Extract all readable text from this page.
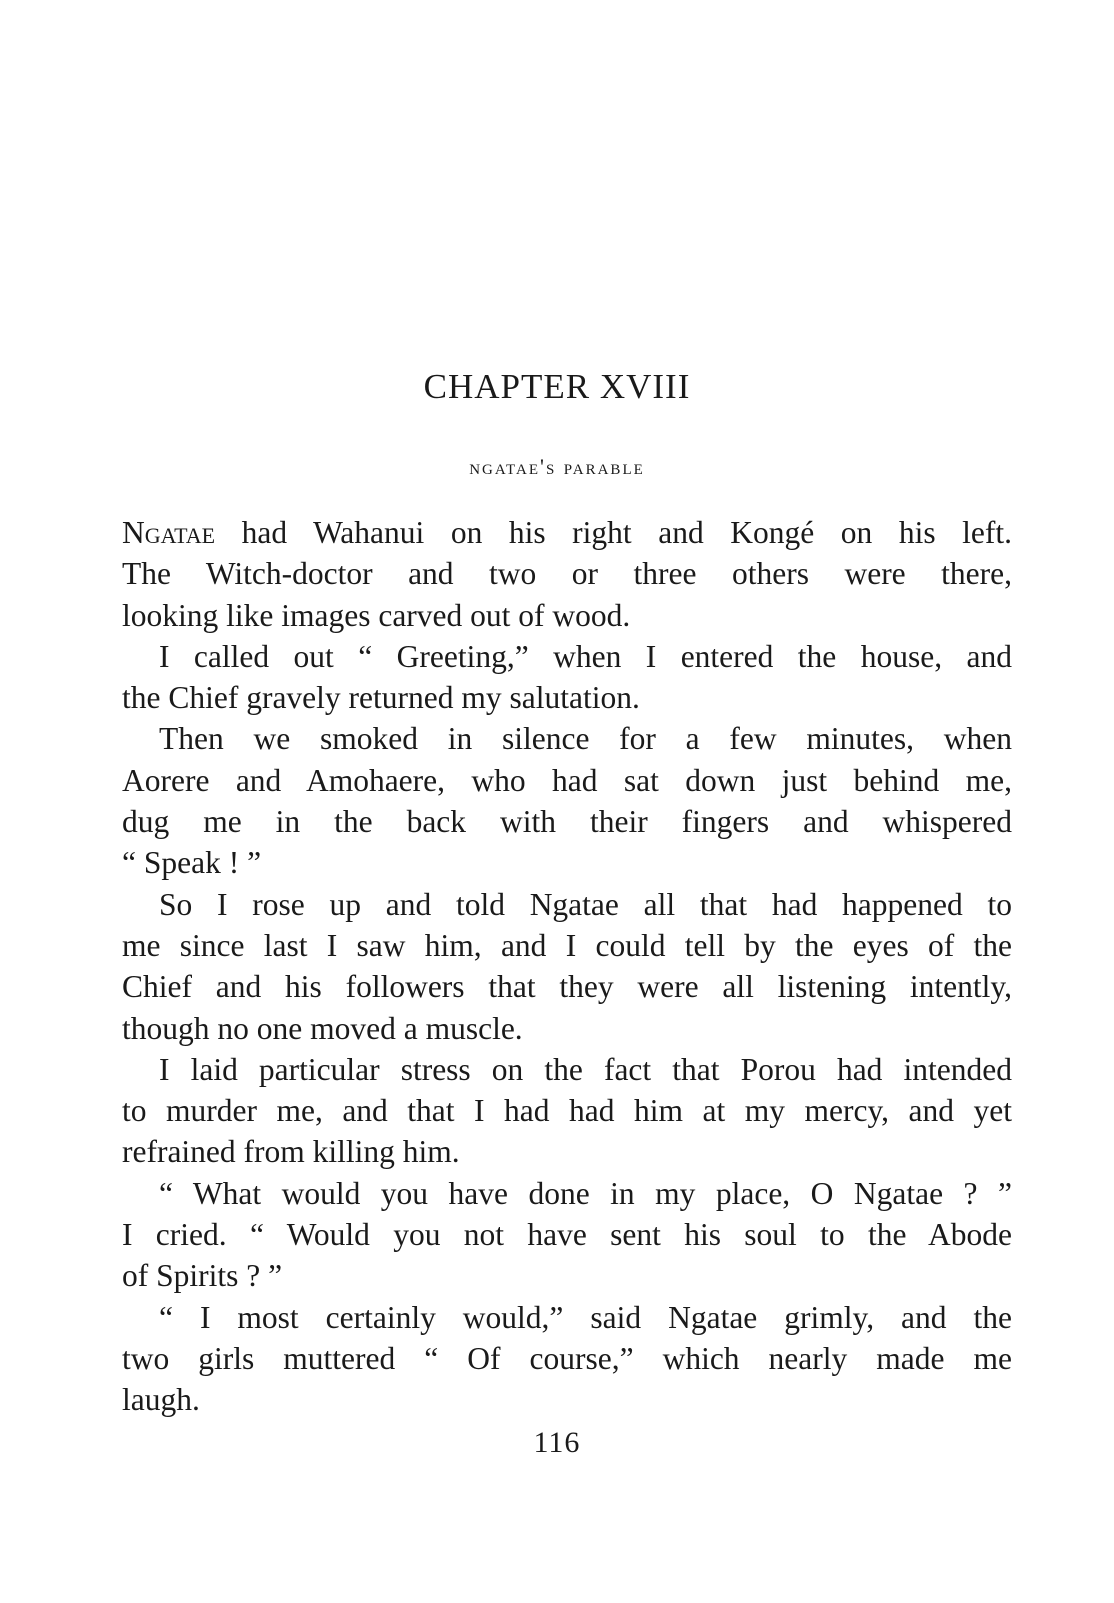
CHAPTER XVIII
ngatae's parable
Ngatae had Wahanui on his right and Kongé on his left.
The Witch-doctor and two or three others were there,
looking like images carved out of wood.
I called out “ Greeting,” when I entered the house, and
the Chief gravely returned my salutation.
Then we smoked in silence for a few minutes, when
Aorere and Amohaere, who had sat down just behind me,
dug me in the back with their fingers and whispered
“ Speak ! ”
So I rose up and told Ngatae all that had happened to
me since last I saw him, and I could tell by the eyes of the
Chief and his followers that they were all listening intently,
though no one moved a muscle.
I laid particular stress on the fact that Porou had intended
to murder me, and that I had had him at my mercy, and yet
refrained from killing him.
“ What would you have done in my place, O Ngatae ? ”
I cried. “ Would you not have sent his soul to the Abode
of Spirits ? ”
“ I most certainly would,” said Ngatae grimly, and the
two girls muttered “ Of course,” which nearly made me
laugh.
116
